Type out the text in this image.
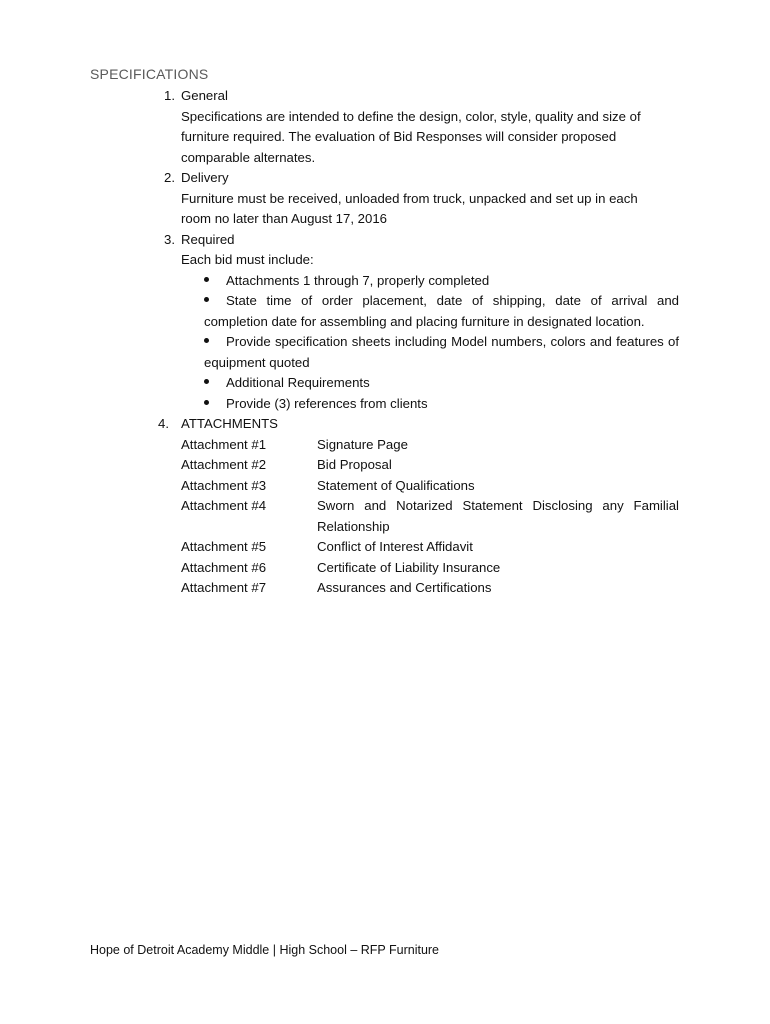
SPECIFICATIONS
1. General
Specifications are intended to define the design, color, style, quality and size of furniture required. The evaluation of Bid Responses will consider proposed comparable alternates.
2. Delivery
Furniture must be received, unloaded from truck, unpacked and set up in each room no later than August 17, 2016
3. Required
Each bid must include:
Attachments 1 through 7, properly completed
State time of order placement, date of shipping, date of arrival and completion date for assembling and placing furniture in designated location.
Provide specification sheets including Model numbers, colors and features of equipment quoted
Additional Requirements
Provide (3) references from clients
4. ATTACHMENTS
Attachment #1	Signature Page
Attachment #2	Bid Proposal
Attachment #3	Statement of Qualifications
Attachment #4	Sworn and Notarized Statement Disclosing any Familial Relationship
Attachment #5	Conflict of Interest Affidavit
Attachment #6	Certificate of Liability Insurance
Attachment #7	Assurances and Certifications
Hope of Detroit Academy Middle | High School – RFP Furniture
